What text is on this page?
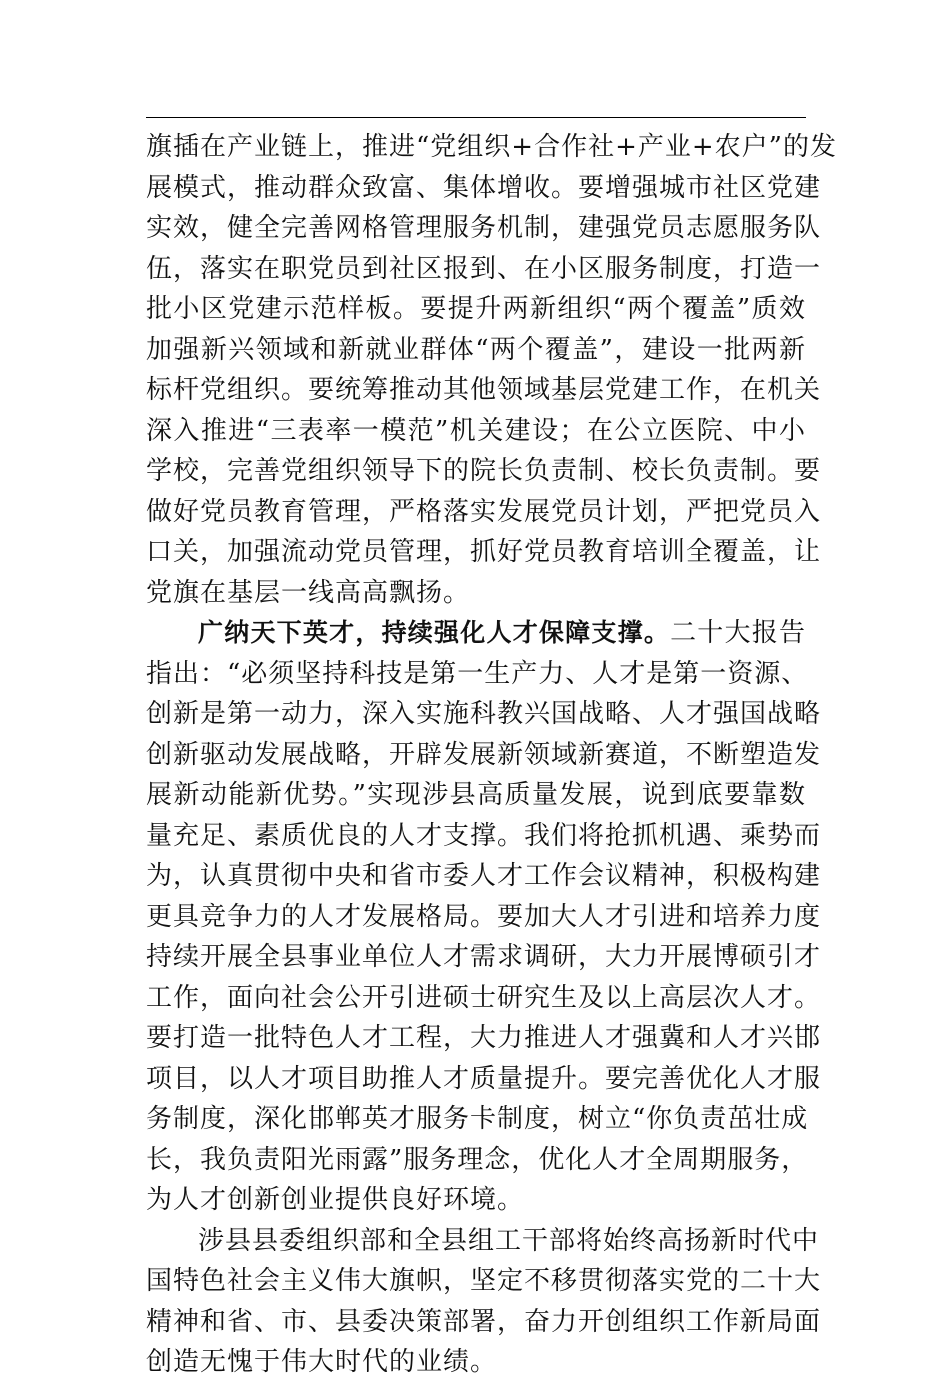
旗插在产业链上，推进“党组织+合作社+产业+农户”的发
展模式，推动群众致富、集体增收。要增强城市社区党建
实效，健全完善网格管理服务机制，建强党员志愿服务队
伍，落实在职党员到社区报到、在小区服务制度，打造一
批小区党建示范样板。要提升两新组织“两个覆盖”质效
加强新兴领域和新就业群体“两个覆盖”，建设一批两新
标杆党组织。要统筹推动其他领域基层党建工作，在机关
深入推进“三表率一模范”机关建设；在公立医院、中小
学校，完善党组织领导下的院长负责制、校长负责制。要
做好党员教育管理，严格落实发展党员计划，严把党员入
口关，加强流动党员管理，抓好党员教育培训全覆盖，让
党旗在基层一线高高飘扬。
广纳天下英才，持续强化人才保障支撑。二十大报告
指出：“必须坚持科技是第一生产力、人才是第一资源、
创新是第一动力，深入实施科教兴国战略、人才强国战略
创新驱动发展战略，开辟发展新领域新赛道，不断塑造发
展新动能新优势。”实现涉县高质量发展，说到底要靠数
量充足、素质优良的人才支撑。我们将抢抓机遇、乘势而
为，认真贯彻中央和省市委人才工作会议精神，积极构建
更具竞争力的人才发展格局。要加大人才引进和培养力度
持续开展全县事业单位人才需求调研，大力开展博硕引才
工作，面向社会公开引进硕士研究生及以上高层次人才。
要打造一批特色人才工程，大力推进人才强冀和人才兴邯
项目，以人才项目助推人才质量提升。要完善优化人才服
务制度，深化邯郸英才服务卡制度，树立“你负责茁壮成
长，我负责阳光雨露”服务理念，优化人才全周期服务，
为人才创新创业提供良好环境。
涉县县委组织部和全县组工干部将始终高扬新时代中
国特色社会主义伟大旗帜，坚定不移贯彻落实党的二十大
精神和省、市、县委决策部署，奋力开创组织工作新局面
创造无愧于伟大时代的业绩。
